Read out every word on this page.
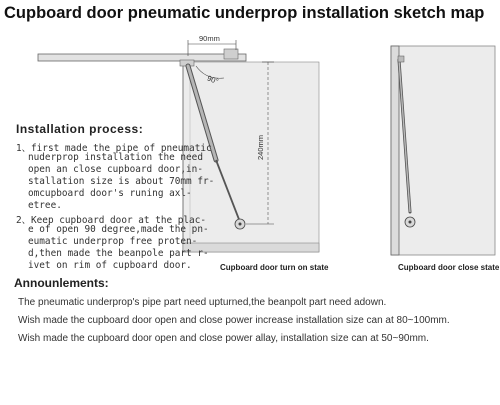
Cupboard door pneumatic underprop installation sketch map
90mm
90°
240mm
Cupboard door turn on state	Cupboard door close state
Installation process:
1、first made the pipe of pneumatic
nuderprop installation the need
open an close cupboard door,in-
stallation size is about 70mm fr-
omcupboard door's runing axl-
etree.
2、Keep cupboard door at the plac-
e of open 90 degree,made the pn-
eumatic underprop free proten-
d,then made the beanpole part r-
ivet on rim of cupboard door.
Announlements:
The pneumatic underprop's pipe part need upturned,the beanpolt part need adown.
Wish made the cupboard door open and close power increase installation size can at 80~100mm.
Wish made the cupboard door open and close power allay, installation size can at 50~90mm.
